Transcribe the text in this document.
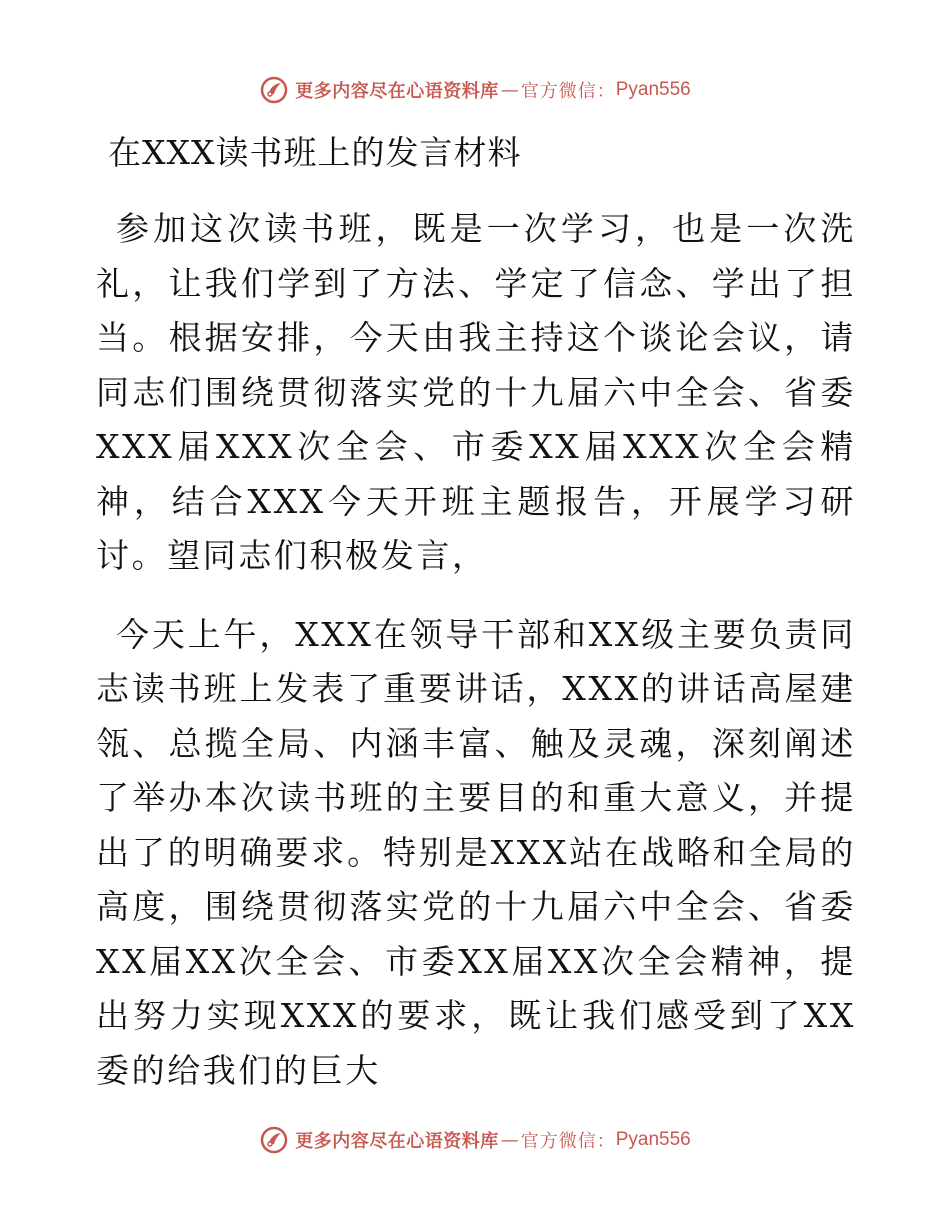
更多内容尽在心语资料库 — 官方微信： Pyan556
在XXX读书班上的发言材料

参加这次读书班，既是一次学习，也是一次洗礼，让我们学到了方法、学定了信念、学出了担当。根据安排，今天由我主持这个谈论会议，请同志们围绕贯彻落实党的十九届六中全会、省委XXX届XXX次全会、市委XX届XXX次全会精神，结合XXX今天开班主题报告，开展学习研讨。望同志们积极发言，

今天上午，XXX在领导干部和XX级主要负责同志读书班上发表了重要讲话，XXX的讲话高屋建瓴、总揽全局、内涵丰富、触及灵魂，深刻阐述了举办本次读书班的主要目的和重大意义，并提出了的明确要求。特别是XXX站在战略和全局的高度，围绕贯彻落实党的十九届六中全会、省委XX届XX次全会、市委XX届XX次全会精神，提出努力实现XXX的要求，既让我们感受到了XX委的给我们的巨大

更多内容尽在心语资料库 — 官方微信： Pyan556
